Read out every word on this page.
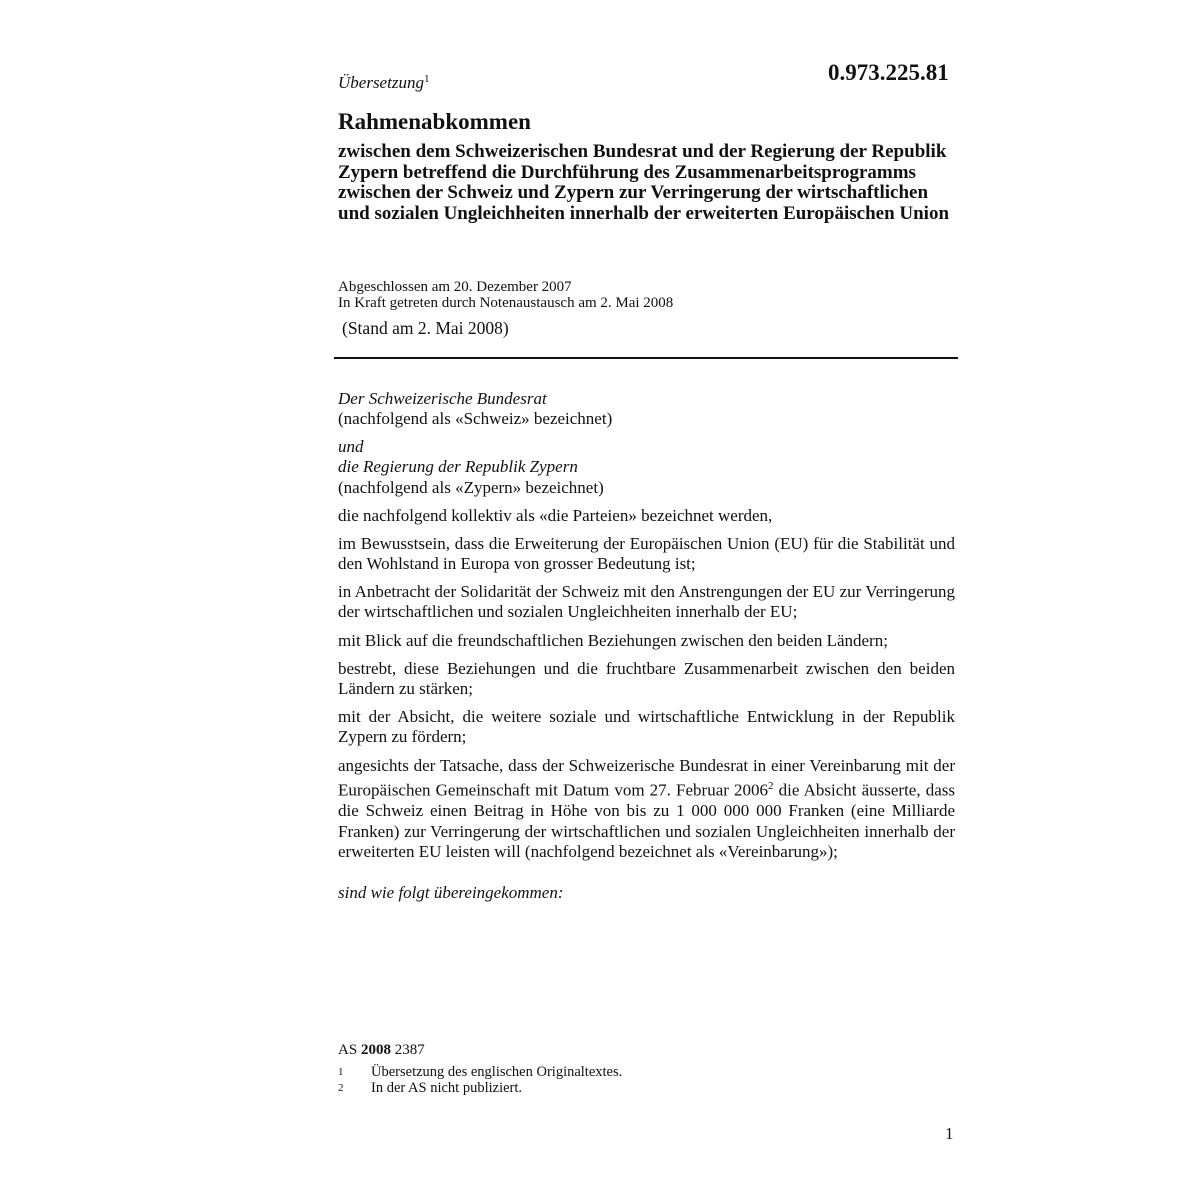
Übersetzung$^1$	0.973.225.81

Rahmenabkommen
zwischen dem Schweizerischen Bundesrat und der Regierung der Republik Zypern betreffend die Durchführung des Zusammenarbeitsprogramms zwischen der Schweiz und Zypern zur Verringerung der wirtschaftlichen und sozialen Ungleichheiten innerhalb der erweiterten Europäischen Union

Abgeschlossen am 20. Dezember 2007

In Kraft getreten durch Notenaustausch am 2. Mai 2008

(Stand am 2. Mai 2008)

Der Schweizerische Bundesrat
(nachfolgend als «Schweiz» bezeichnet)
und
die Regierung der Republik Zypern
(nachfolgend als «Zypern» bezeichnet)
die nachfolgend kollektiv als «die Parteien» bezeichnet werden,
im Bewusstsein, dass die Erweiterung der Europäischen Union (EU) für die Stabilität und den Wohlstand in Europa von grosser Bedeutung ist;
in Anbetracht der Solidarität der Schweiz mit den Anstrengungen der EU zur Verringerung der wirtschaftlichen und sozialen Ungleichheiten innerhalb der EU;
mit Blick auf die freundschaftlichen Beziehungen zwischen den beiden Ländern;
bestrebt, diese Beziehungen und die fruchtbare Zusammenarbeit zwischen den beiden Ländern zu stärken;
mit der Absicht, die weitere soziale und wirtschaftliche Entwicklung in der Republik Zypern zu fördern;
angesichts der Tatsache, dass der Schweizerische Bundesrat in einer Vereinbarung mit der Europäischen Gemeinschaft mit Datum vom 27. Februar 2006$^2$ die Absicht äusserte, dass die Schweiz einen Beitrag in Höhe von bis zu 1 000 000 000 Franken (eine Milliarde Franken) zur Verringerung der wirtschaftlichen und sozialen Ungleichheiten innerhalb der erweiterten EU leisten will (nachfolgend bezeichnet als «Vereinbarung»);
sind wie folgt übereingekommen:

AS 2008 2387

1	Übersetzung des englischen Originaltextes.
2	In der AS nicht publiziert.

1
